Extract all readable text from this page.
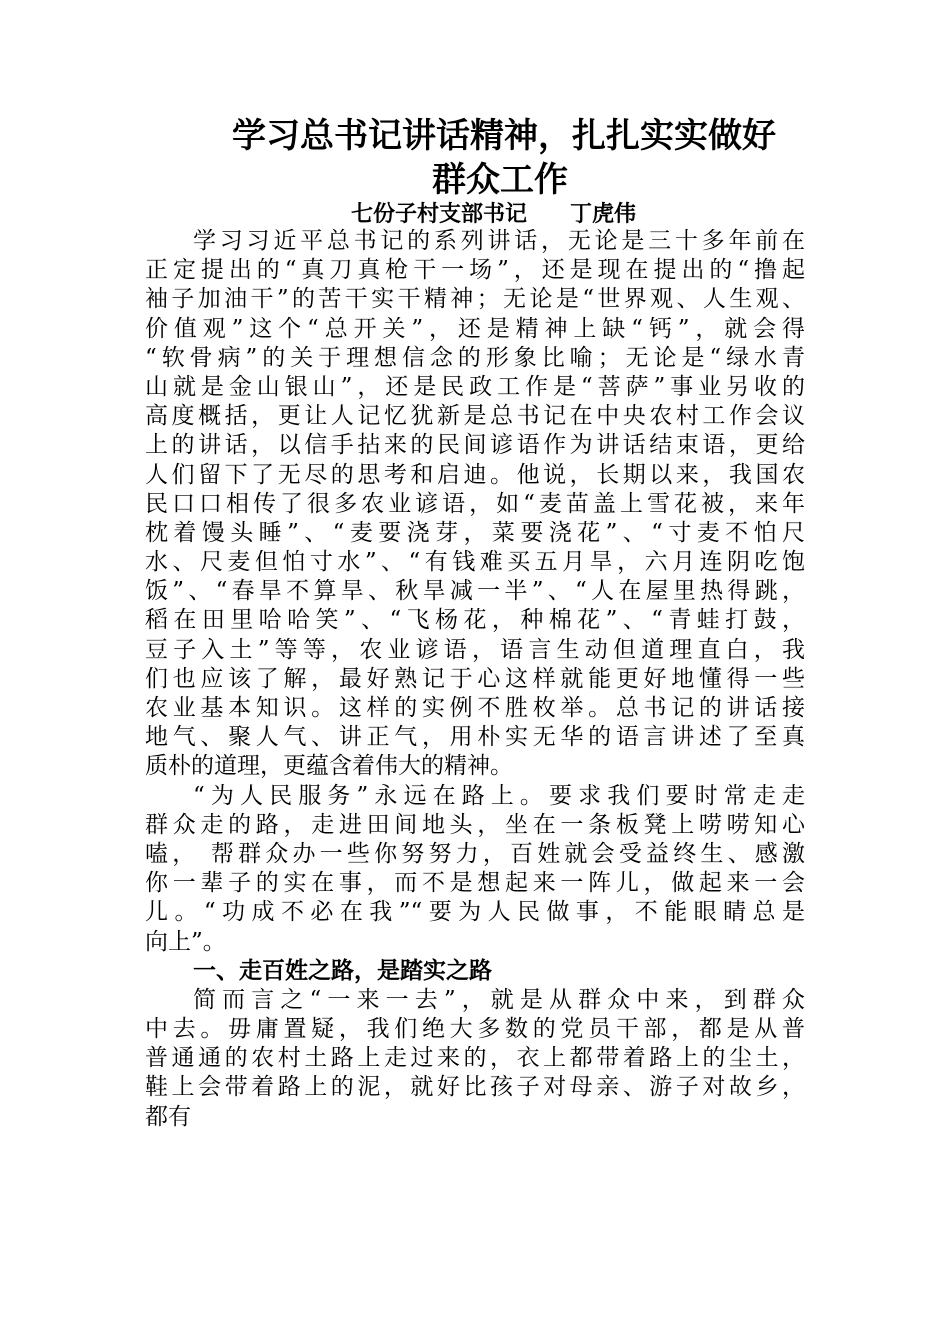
学习总书记讲话精神，扎扎实实做好
群众工作
七份子村支部书记 丁虎伟
学习习近平总书记的系列讲话，无论是三十多年前在
正定提出的“真刀真枪干一场”，还是现在提出的“撸起
袖子加油干”的苦干实干精神；无论是“世界观、人生观、
价值观”这个“总开关”，还是精神上缺“钙”，就会得
“软骨病”的关于理想信念的形象比喻；无论是“绿水青
山就是金山银山”，还是民政工作是“菩萨”事业另收的
高度概括，更让人记忆犹新是总书记在中央农村工作会议
上的讲话，以信手拈来的民间谚语作为讲话结束语，更给
人们留下了无尽的思考和启迪。他说，长期以来，我国农
民口口相传了很多农业谚语，如“麦苗盖上雪花被，来年
枕着馒头睡”、“麦要浇芽，菜要浇花”、“寸麦不怕尺
水、尺麦但怕寸水”、“有钱难买五月旱，六月连阴吃饱
饭”、“春旱不算旱、秋旱减一半”、“人在屋里热得跳，
稻在田里哈哈笑”、“飞杨花，种棉花”、“青蛙打鼓，
豆子入土”等等，农业谚语，语言生动但道理直白，我
们也应该了解，最好熟记于心这样就能更好地懂得一些
农业基本知识。这样的实例不胜枚举。总书记的讲话接
地气、聚人气、讲正气，用朴实无华的语言讲述了至真
质朴的道理，更蕴含着伟大的精神。
“为人民服务”永远在路上。要求我们要时常走走
群众走的路，走进田间地头，坐在一条板凳上唠唠知心
嗑， 帮群众办一些你努努力，百姓就会受益终生、感激
你一辈子的实在事，而不是想起来一阵儿，做起来一会
儿。“功成不必在我”“要为人民做事，不能眼睛总是
向上”。
一、走百姓之路，是踏实之路
简而言之“一来一去”，就是从群众中来，到群众
中去。毋庸置疑，我们绝大多数的党员干部，都是从普
普通通的农村土路上走过来的，衣上都带着路上的尘土，
鞋上会带着路上的泥，就好比孩子对母亲、游子对故乡，
都有
